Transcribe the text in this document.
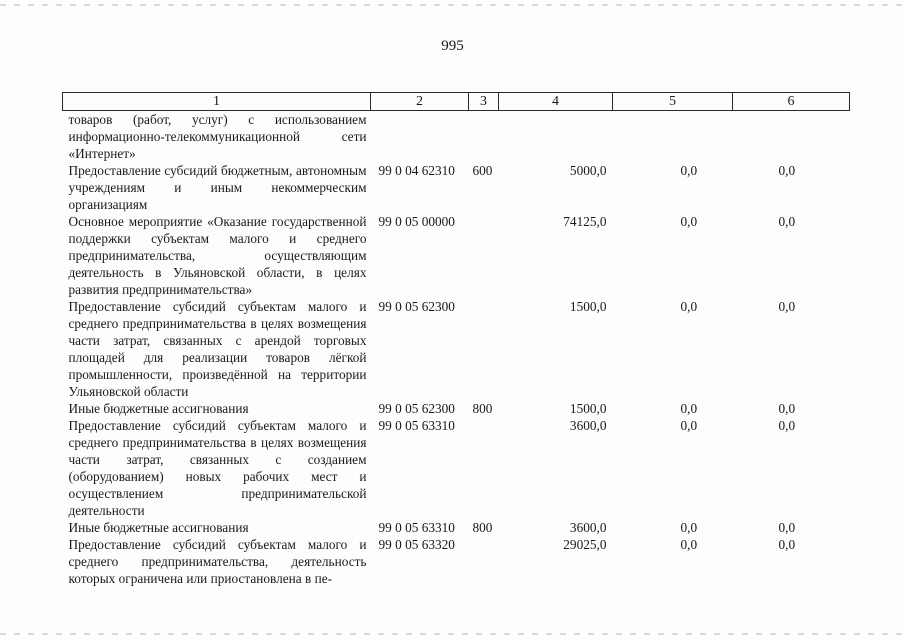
995
1	2	3	4	5	6
товаров (работ, услуг) с использованием информационно-телекоммуникационной сети «Интернет»					
Предоставление субсидий бюджетным, автономным учреждениям и иным некоммерческим организациям	99 0 04 62310	600	5000,0	0,0	0,0
Основное мероприятие «Оказание государственной поддержки субъектам малого и среднего предпринимательства, осуществляющим деятельность в Ульяновской области, в целях развития предпринимательства»	99 0 05 00000		74125,0	0,0	0,0
Предоставление субсидий субъектам малого и среднего предпринимательства в целях возмещения части затрат, связанных с арендой торговых площадей для реализации товаров лёгкой промышленности, произведённой на территории Ульяновской области	99 0 05 62300		1500,0	0,0	0,0
Иные бюджетные ассигнования	99 0 05 62300	800	1500,0	0,0	0,0
Предоставление субсидий субъектам малого и среднего предпринимательства в целях возмещения части затрат, связанных с созданием (оборудованием) новых рабочих мест и осуществлением предпринимательской деятельности	99 0 05 63310		3600,0	0,0	0,0
Иные бюджетные ассигнования	99 0 05 63310	800	3600,0	0,0	0,0
Предоставление субсидий субъектам малого и среднего предпринимательства, деятельность которых ограничена или приостановлена в пе-	99 0 05 63320		29025,0	0,0	0,0
